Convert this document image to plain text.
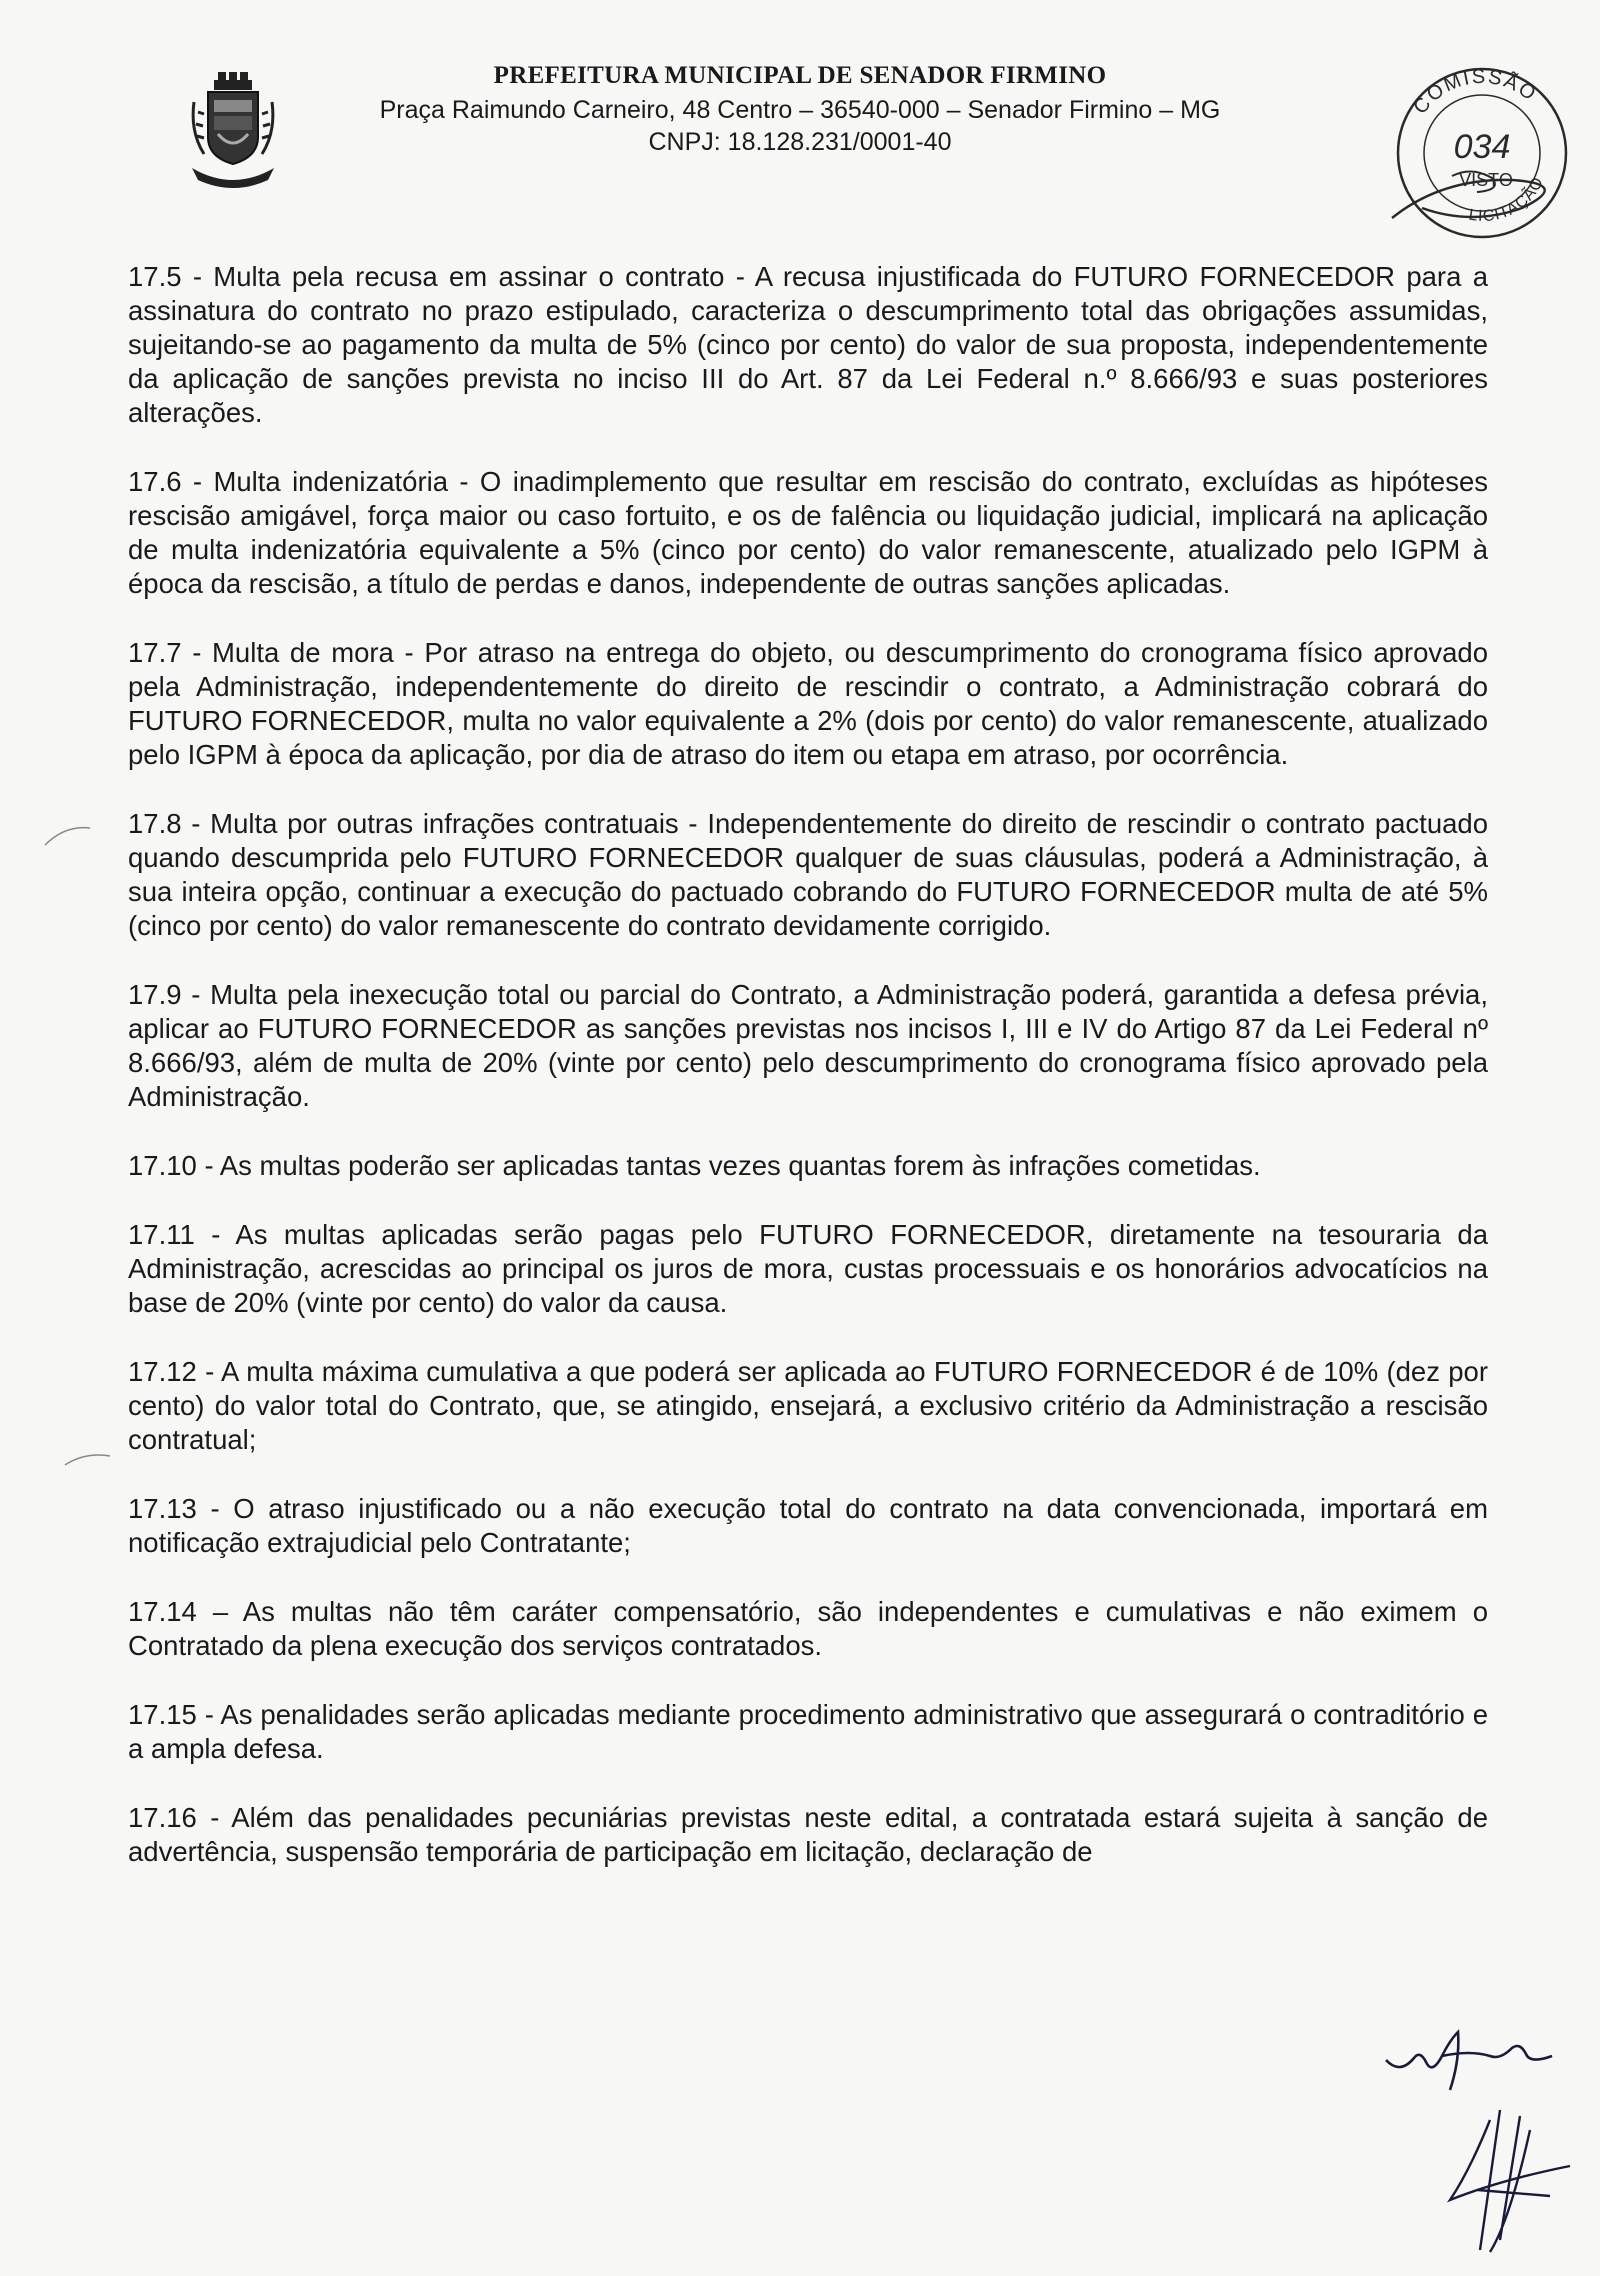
PREFEITURA MUNICIPAL DE SENADOR FIRMINO
Praça Raimundo Carneiro, 48 Centro – 36540-000 – Senador Firmino – MG
CNPJ: 18.128.231/0001-40
COMISSÃO
034
VISTO
LICITAÇÃO

17.5 - Multa pela recusa em assinar o contrato - A recusa injustificada do FUTURO FORNECEDOR para a assinatura do contrato no prazo estipulado, caracteriza o descumprimento total das obrigações assumidas, sujeitando-se ao pagamento da multa de 5% (cinco por cento) do valor de sua proposta, independentemente da aplicação de sanções prevista no inciso III do Art. 87 da Lei Federal n.º 8.666/93 e suas posteriores alterações.

17.6 - Multa indenizatória - O inadimplemento que resultar em rescisão do contrato, excluídas as hipóteses rescisão amigável, força maior ou caso fortuito, e os de falência ou liquidação judicial, implicará na aplicação de multa indenizatória equivalente a 5% (cinco por cento) do valor remanescente, atualizado pelo IGPM à época da rescisão, a título de perdas e danos, independente de outras sanções aplicadas.

17.7 - Multa de mora - Por atraso na entrega do objeto, ou descumprimento do cronograma físico aprovado pela Administração, independentemente do direito de rescindir o contrato, a Administração cobrará do FUTURO FORNECEDOR, multa no valor equivalente a 2% (dois por cento) do valor remanescente, atualizado pelo IGPM à época da aplicação, por dia de atraso do item ou etapa em atraso, por ocorrência.

17.8 - Multa por outras infrações contratuais - Independentemente do direito de rescindir o contrato pactuado quando descumprida pelo FUTURO FORNECEDOR qualquer de suas cláusulas, poderá a Administração, à sua inteira opção, continuar a execução do pactuado cobrando do FUTURO FORNECEDOR multa de até 5% (cinco por cento) do valor remanescente do contrato devidamente corrigido.

17.9 - Multa pela inexecução total ou parcial do Contrato, a Administração poderá, garantida a defesa prévia, aplicar ao FUTURO FORNECEDOR as sanções previstas nos incisos I, III e IV do Artigo 87 da Lei Federal nº 8.666/93, além de multa de 20% (vinte por cento) pelo descumprimento do cronograma físico aprovado pela Administração.

17.10 - As multas poderão ser aplicadas tantas vezes quantas forem às infrações cometidas.

17.11 - As multas aplicadas serão pagas pelo FUTURO FORNECEDOR, diretamente na tesouraria da Administração, acrescidas ao principal os juros de mora, custas processuais e os honorários advocatícios na base de 20% (vinte por cento) do valor da causa.

17.12 - A multa máxima cumulativa a que poderá ser aplicada ao FUTURO FORNECEDOR é de 10% (dez por cento) do valor total do Contrato, que, se atingido, ensejará, a exclusivo critério da Administração a rescisão contratual;

17.13 - O atraso injustificado ou a não execução total do contrato na data convencionada, importará em notificação extrajudicial pelo Contratante;

17.14 – As multas não têm caráter compensatório, são independentes e cumulativas e não eximem o Contratado da plena execução dos serviços contratados.

17.15 - As penalidades serão aplicadas mediante procedimento administrativo que assegurará o contraditório e a ampla defesa.

17.16 - Além das penalidades pecuniárias previstas neste edital, a contratada estará sujeita à sanção de advertência, suspensão temporária de participação em licitação, declaração de
